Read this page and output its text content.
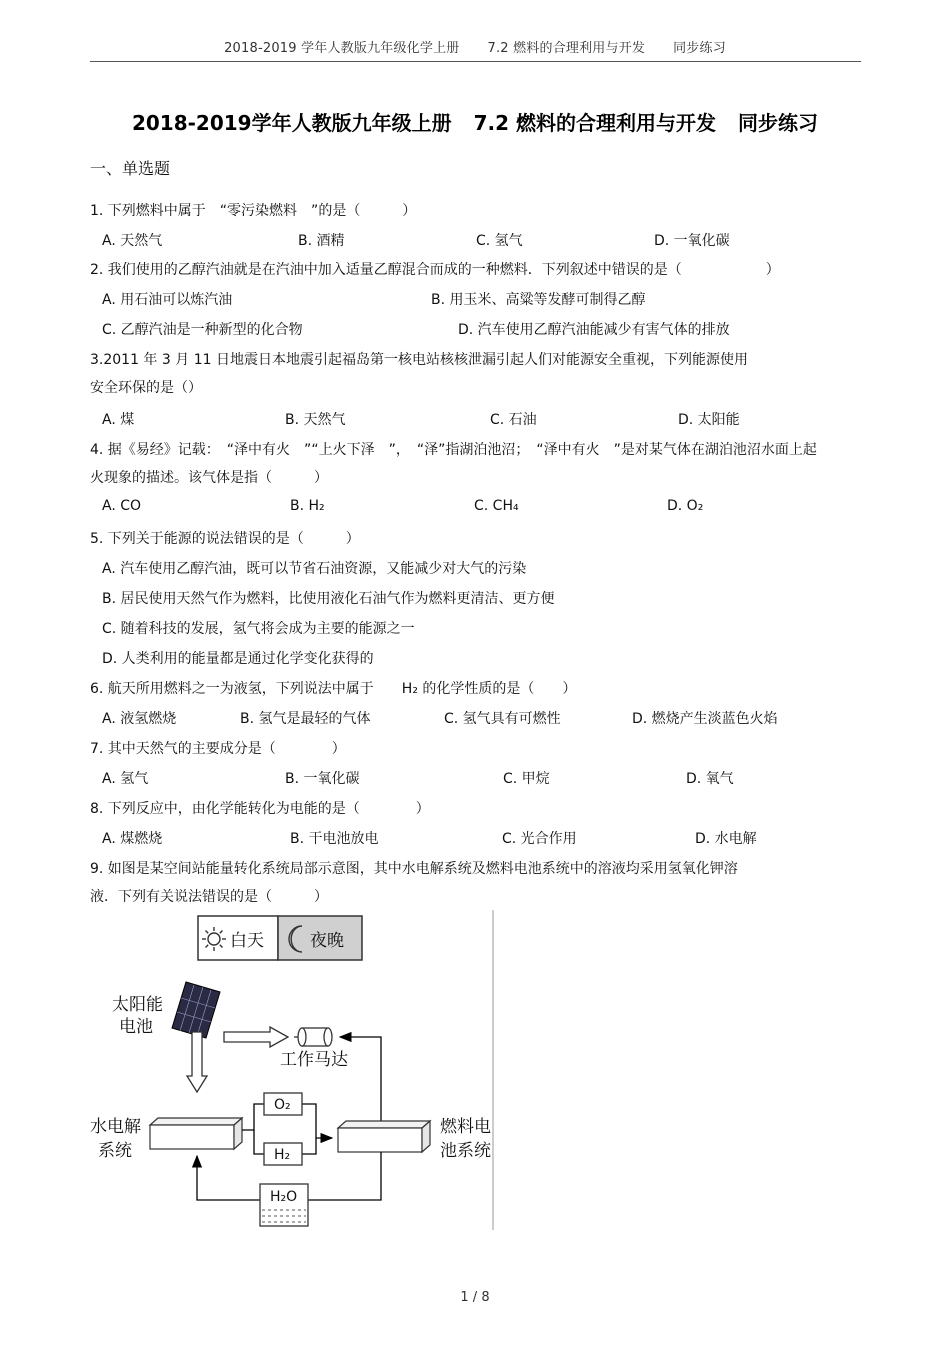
2018-2019 学年人教版九年级化学上册 7.2 燃料的合理利用与开发 同步练习
2018-2019学年人教版九年级上册 7.2 燃料的合理利用与开发 同步练习
一、单选题
1. 下列燃料中属于　“零污染燃料　”的是（　　　）
A. 天然气	B. 酒精	C. 氢气	D. 一氧化碳
2. 我们使用的乙醇汽油就是在汽油中加入适量乙醇混合而成的一种燃料．下列叙述中错误的是（　　　　　　）
A. 用石油可以炼汽油	B. 用玉米、高粱等发酵可制得乙醇
C. 乙醇汽油是一种新型的化合物	D. 汽车使用乙醇汽油能减少有害气体的排放
3.2011 年 3 月 11 日地震日本地震引起福岛第一核电站核核泄漏引起人们对能源安全重视，下列能源使用
安全环保的是（）
A. 煤	B. 天然气	C. 石油	D. 太阳能
4. 据《易经》记载：　“泽中有火　”“上火下泽　”，　“泽”指湖泊池沼；　“泽中有火　”是对某气体在湖泊池沼水面上起
火现象的描述。该气体是指（　　　）
A. CO	B. H₂	C. CH₄	D. O₂
5. 下列关于能源的说法错误的是（　　　）
A. 汽车使用乙醇汽油，既可以节省石油资源，又能减少对大气的污染
B. 居民使用天然气作为燃料，比使用液化石油气作为燃料更清洁、更方便
C. 随着科技的发展，氢气将会成为主要的能源之一
D. 人类利用的能量都是通过化学变化获得的
6. 航天所用燃料之一为液氢，下列说法中属于　　H₂ 的化学性质的是（　　）
A. 液氢燃烧	B. 氢气是最轻的气体	C. 氢气具有可燃性	D. 燃烧产生淡蓝色火焰
7. 其中天然气的主要成分是（　　　　）
A. 氢气	B. 一氧化碳	C. 甲烷	D. 氧气
8. 下列反应中，由化学能转化为电能的是（　　　　）
A. 煤燃烧	B. 干电池放电	C. 光合作用	D. 水电解
9. 如图是某空间站能量转化系统局部示意图，其中水电解系统及燃料电池系统中的溶液均采用氢氧化钾溶
液．下列有关说法错误的是（　　　）
白天	夜晚
太阳能
电池
工作马达
水电解
系统
燃料电
池系统
O₂
H₂
H₂O
1 / 8
